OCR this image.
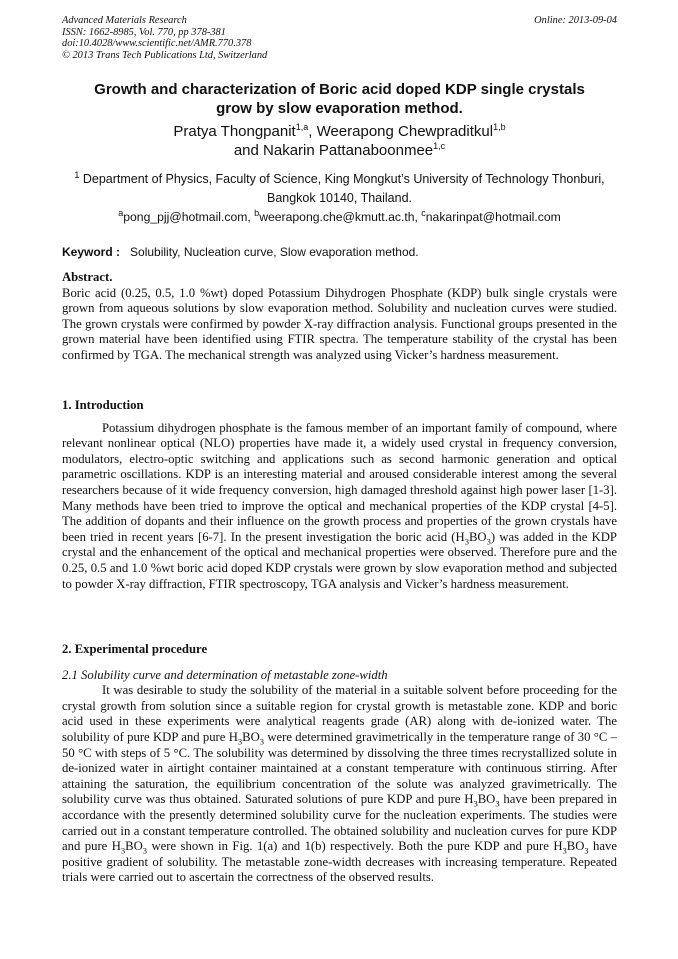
Advanced Materials Research
ISSN: 1662-8985, Vol. 770, pp 378-381
doi:10.4028/www.scientific.net/AMR.770.378
© 2013 Trans Tech Publications Ltd, Switzerland
Online: 2013-09-04
Growth and characterization of Boric acid doped KDP single crystals
grow by slow evaporation method.
Pratya Thongpanit$^{1,a}$, Weerapong Chewpraditkul$^{1,b}$
and Nakarin Pattanaboonmee$^{1,c}$
$^1$ Department of Physics, Faculty of Science, King Mongkut’s University of Technology Thonburi,
Bangkok 10140, Thailand.
$^a$pong_pjj@hotmail.com, $^b$weerapong.che@kmutt.ac.th, $^c$nakarinpat@hotmail.com
Keyword : Solubility, Nucleation curve, Slow evaporation method.
Abstract.
Boric acid (0.25, 0.5, 1.0 %wt) doped Potassium Dihydrogen Phosphate (KDP) bulk single crystals were grown from aqueous solutions by slow evaporation method. Solubility and nucleation curves were studied. The grown crystals were confirmed by powder X-ray diffraction analysis. Functional groups presented in the grown material have been identified using FTIR spectra. The temperature stability of the crystal has been confirmed by TGA. The mechanical strength was analyzed using Vicker’s hardness measurement.
1. Introduction
Potassium dihydrogen phosphate is the famous member of an important family of compound, where relevant nonlinear optical (NLO) properties have made it, a widely used crystal in frequency conversion, modulators, electro-optic switching and applications such as second harmonic generation and optical parametric oscillations. KDP is an interesting material and aroused considerable interest among the several researchers because of it wide frequency conversion, high damaged threshold against high power laser [1-3]. Many methods have been tried to improve the optical and mechanical properties of the KDP crystal [4-5]. The addition of dopants and their influence on the growth process and properties of the grown crystals have been tried in recent years [6-7]. In the present investigation the boric acid $(H_3BO_3)$ was added in the KDP crystal and the enhancement of the optical and mechanical properties were observed. Therefore pure and the 0.25, 0.5 and 1.0 %wt boric acid doped KDP crystals were grown by slow evaporation method and subjected to powder X-ray diffraction, FTIR spectroscopy, TGA analysis and Vicker’s hardness measurement.
2. Experimental procedure
2.1 Solubility curve and determination of metastable zone-width
It was desirable to study the solubility of the material in a suitable solvent before proceeding for the crystal growth from solution since a suitable region for crystal growth is metastable zone. KDP and boric acid used in these experiments were analytical reagents grade (AR) along with de-ionized water. The solubility of pure KDP and pure $H_3BO_3$ were determined gravimetrically in the temperature range of 30 °C – 50 °C with steps of 5 °C. The solubility was determined by dissolving the three times recrystallized solute in de-ionized water in airtight container maintained at a constant temperature with continuous stirring. After attaining the saturation, the equilibrium concentration of the solute was analyzed gravimetrically. The solubility curve was thus obtained. Saturated solutions of pure KDP and pure $H_3BO_3$ have been prepared in accordance with the presently determined solubility curve for the nucleation experiments. The studies were carried out in a constant temperature controlled. The obtained solubility and nucleation curves for pure KDP and pure $H_3BO_3$ were shown in Fig. 1(a) and 1(b) respectively. Both the pure KDP and pure $H_3BO_3$ have positive gradient of solubility. The metastable zone-width decreases with increasing temperature. Repeated trials were carried out to ascertain the correctness of the observed results.
